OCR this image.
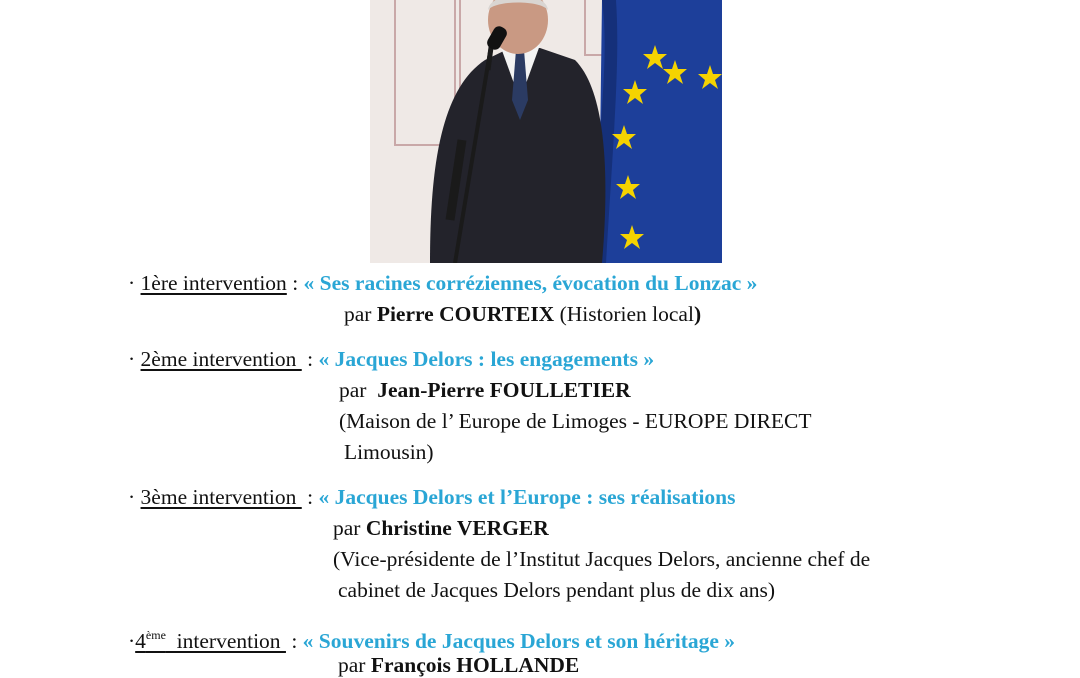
· 1ère intervention : « Ses racines corréziennes, évocation du Lonzac »
par Pierre COURTEIX (Historien local)
· 2ème intervention  : « Jacques Delors : les engagements »
par  Jean-Pierre FOULLETIER
(Maison de l’ Europe de Limoges - EUROPE DIRECT
Limousin)
· 3ème intervention  : « Jacques Delors et l’Europe : ses réalisations
par Christine VERGER
(Vice-présidente de l’Institut Jacques Delors, ancienne chef de
cabinet de Jacques Delors pendant plus de dix ans)
·4ème  intervention  : « Souvenirs de Jacques Delors et son héritage »
par François HOLLANDE
